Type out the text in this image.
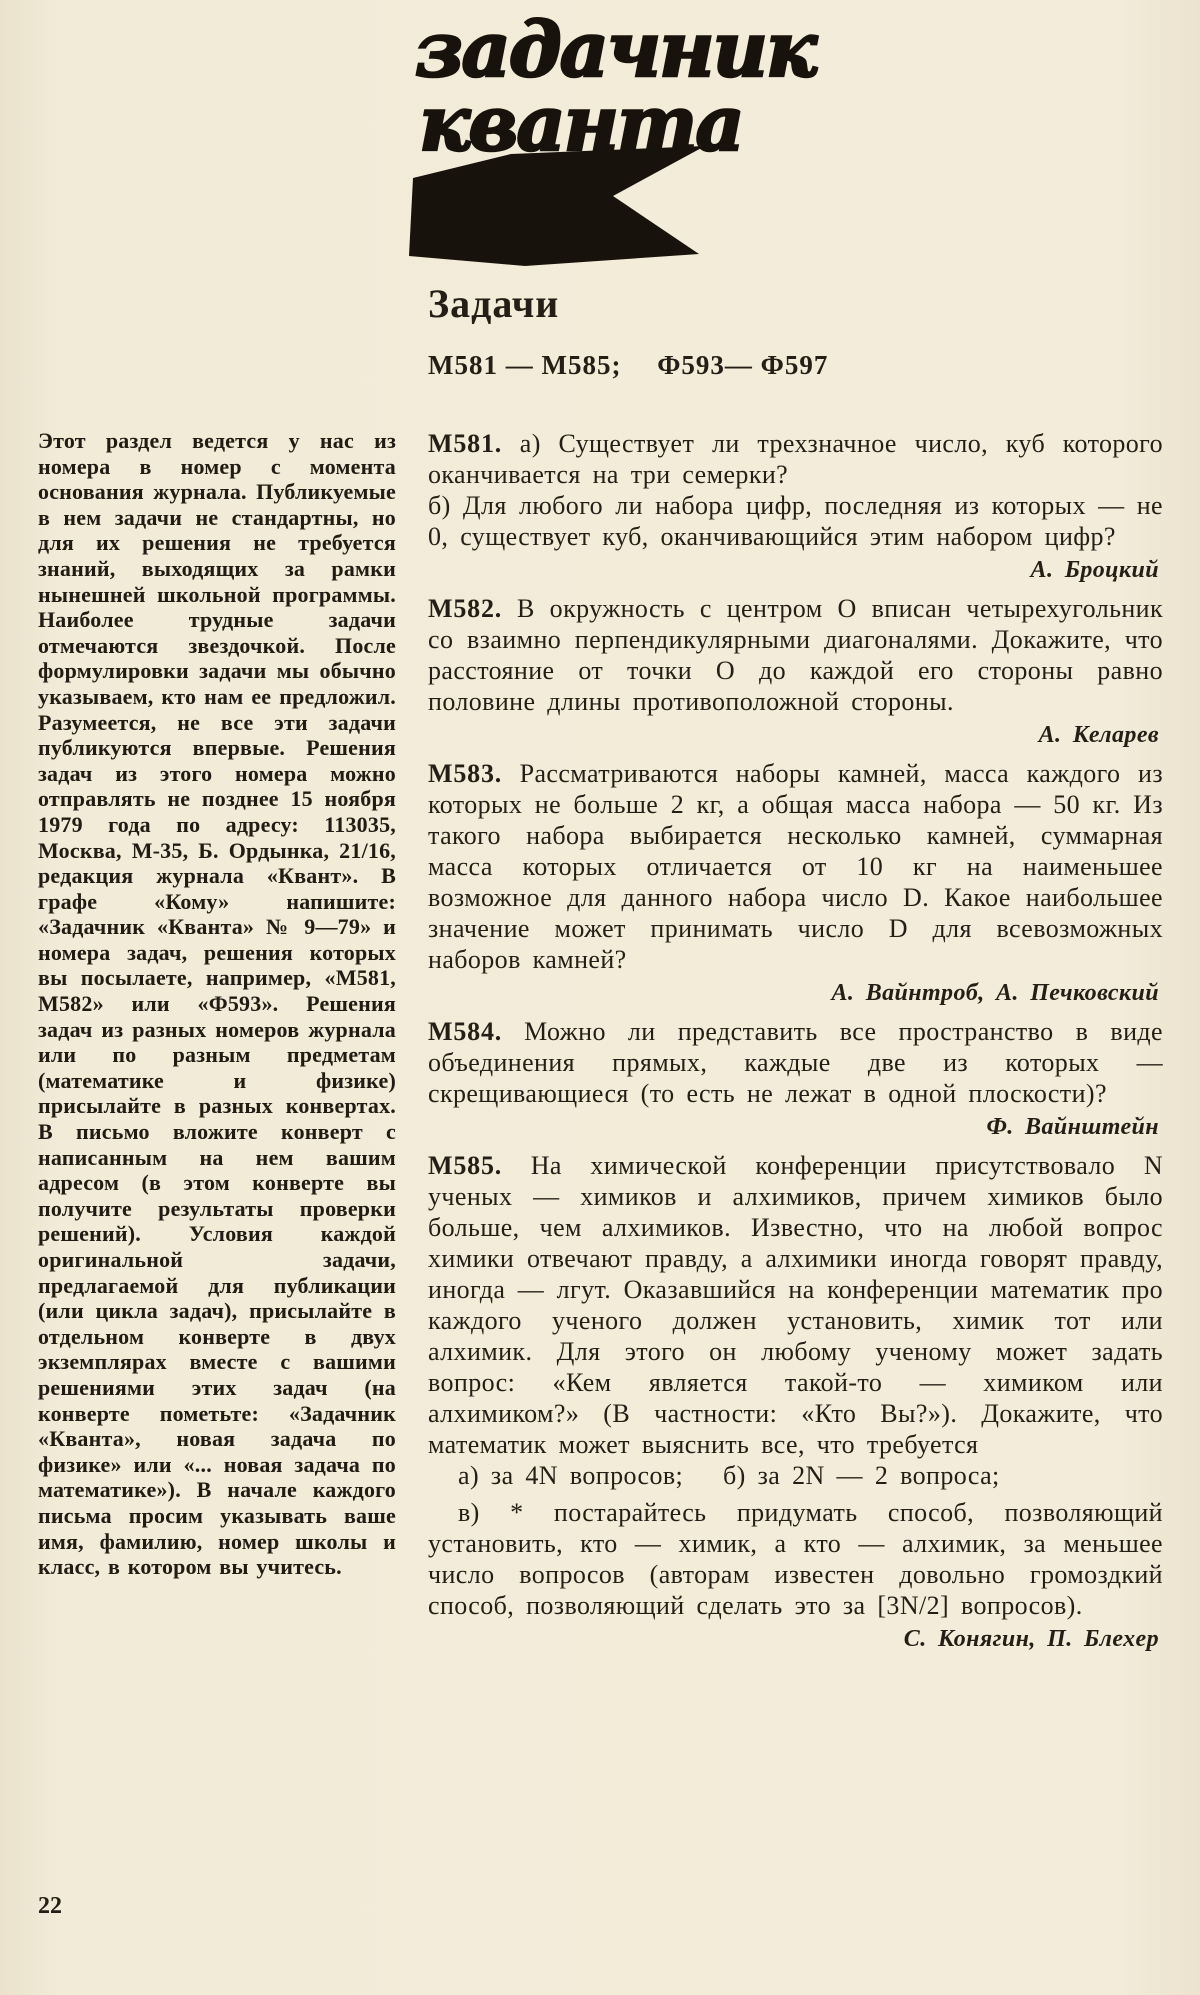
задачник
кванта
Задачи
М581 — М585;  Ф593— Ф597
Этот раздел ведется у нас из номера в номер с момента основания журнала. Публикуемые в нем задачи не стандартны, но для их решения не требуется знаний, выходящих за рамки нынешней школьной программы. Наиболее трудные задачи отмечаются звездочкой. После формулировки задачи мы обычно указываем, кто нам ее предложил. Разумеется, не все эти задачи публикуются впервые. Решения задач из этого номера можно отправлять не позднее 15 ноября 1979 года по адресу: 113035, Москва, М-35, Б. Ордынка, 21/16, редакция журнала «Квант». В графе «Кому» напишите: «Задачник «Кванта» № 9—79» и номера задач, решения которых вы посылаете, например, «М581, М582» или «Ф593». Решения задач из разных номеров журнала или по разным предметам (математике и физике) присылайте в разных конвертах. В письмо вложите конверт с написанным на нем вашим адресом (в этом конверте вы получите результаты проверки решений). Условия каждой оригинальной задачи, предлагаемой для публикации (или цикла задач), присылайте в отдельном конверте в двух экземплярах вместе с вашими решениями этих задач (на конверте пометьте: «Задачник «Кванта», новая задача по физике» или «... новая задача по математике»). В начале каждого письма просим указывать ваше имя, фамилию, номер школы и класс, в котором вы учитесь.

М581. а) Существует ли трехзначное число, куб которого оканчивается на три семерки?

б) Для любого ли набора цифр, последняя из которых — не 0, существует куб, оканчивающийся этим набором цифр?

А. Броцкий

М582. В окружность с центром O вписан четырехугольник со взаимно перпендикулярными диагоналями. Докажите, что расстояние от точки O до каждой его стороны равно половине длины противоположной стороны.

А. Келарев

М583. Рассматриваются наборы камней, масса каждого из которых не больше 2 кг, а общая масса набора — 50 кг. Из такого набора выбирается несколько камней, суммарная масса которых отличается от 10 кг на наименьшее возможное для данного набора число D. Какое наибольшее значение может принимать число D для всевозможных наборов камней?

А. Вайнтроб, А. Печковский

М584. Можно ли представить все пространство в виде объединения прямых, каждые две из которых — скрещивающиеся (то есть не лежат в одной плоскости)?

Ф. Вайнштейн

М585. На химической конференции присутствовало N ученых — химиков и алхимиков, причем химиков было больше, чем алхимиков. Известно, что на любой вопрос химики отвечают правду, а алхимики иногда говорят правду, иногда — лгут. Оказавшийся на конференции математик про каждого ученого должен установить, химик тот или алхимик. Для этого он любому ученому может задать вопрос: «Кем является такой-то — химиком или алхимиком?» (В частности: «Кто Вы?»). Докажите, что математик может выяснить все, что требуется

а) за 4N вопросов;  б) за 2N — 2 вопроса;

в) * постарайтесь придумать способ, позволяющий установить, кто — химик, а кто — алхимик, за меньшее число вопросов (авторам известен довольно громоздкий способ, позволяющий сделать это за [3N/2] вопросов).

С. Конягин, П. Блехер

22
